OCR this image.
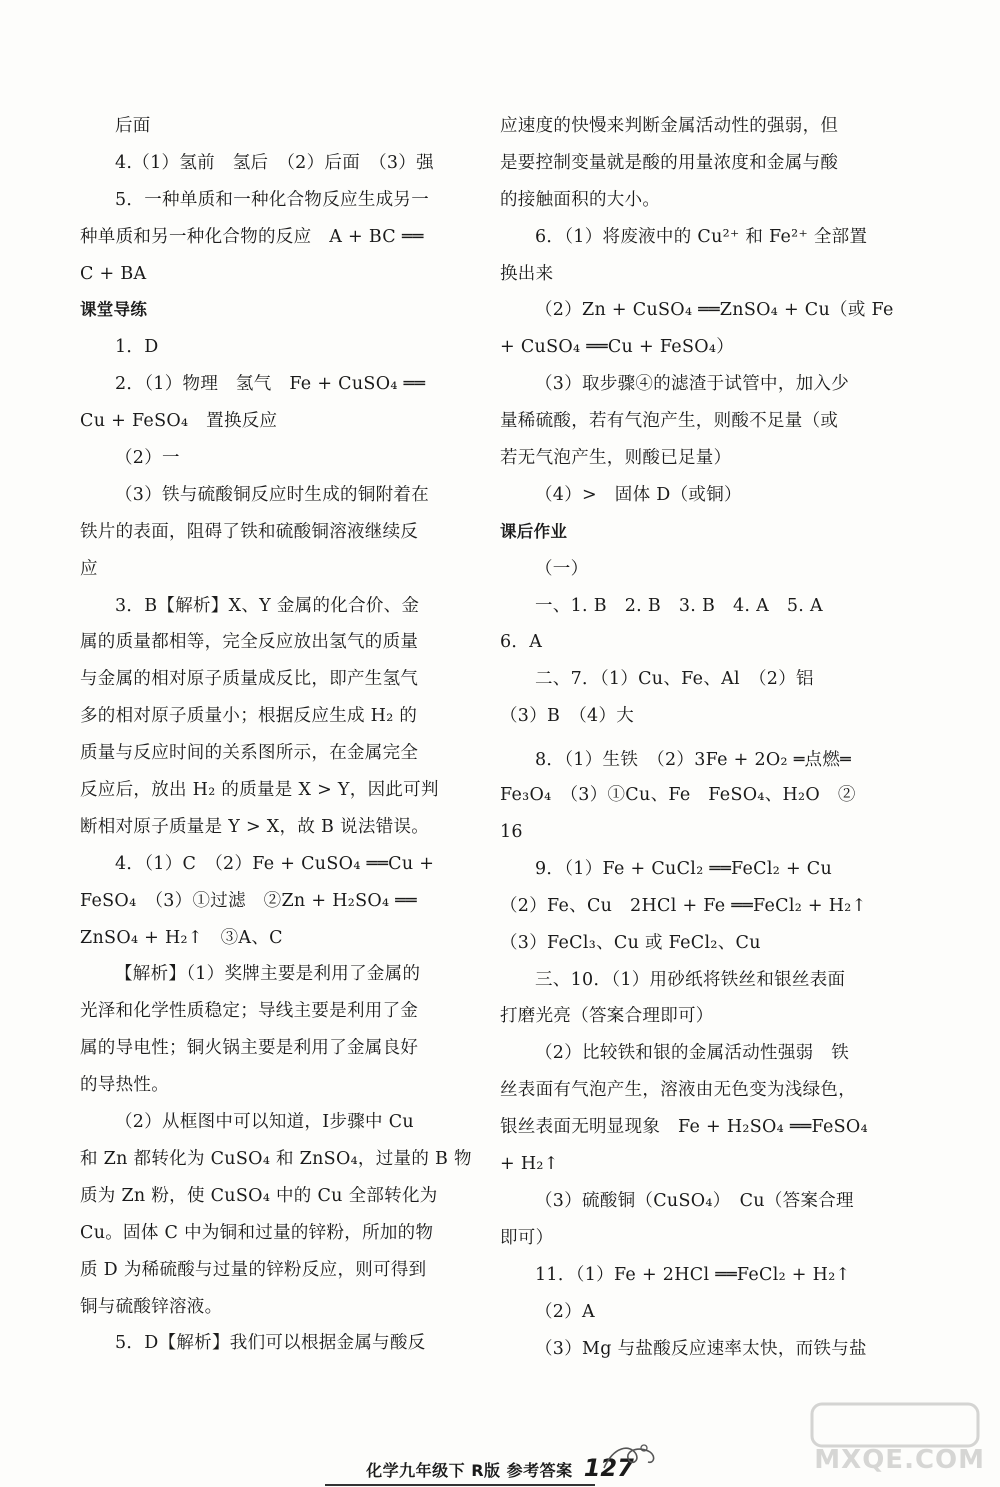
后面
4.（1）氢前　氢后　（2）后面　（3）强
5．一种单质和一种化合物反应生成另一
种单质和另一种化合物的反应　A + BC ══
C + BA
课堂导练
1．D
2．（1）物理　氢气　Fe + CuSO₄ ══
Cu + FeSO₄　置换反应
（2）一
（3）铁与硫酸铜反应时生成的铜附着在
铁片的表面，阻碍了铁和硫酸铜溶液继续反
应
3．B【解析】X、Y 金属的化合价、金
属的质量都相等，完全反应放出氢气的质量
与金属的相对原子质量成反比，即产生氢气
多的相对原子质量小；根据反应生成 H₂ 的
质量与反应时间的关系图所示，在金属完全
反应后，放出 H₂ 的质量是 X > Y，因此可判
断相对原子质量是 Y > X，故 B 说法错误。
4．（1）C　（2）Fe + CuSO₄ ══Cu +
FeSO₄　（3）①过滤　②Zn + H₂SO₄ ══
ZnSO₄ + H₂↑　③A、C
【解析】（1）奖牌主要是利用了金属的
光泽和化学性质稳定；导线主要是利用了金
属的导电性；铜火锅主要是利用了金属良好
的导热性。
（2）从框图中可以知道，Ⅰ步骤中 Cu
和 Zn 都转化为 CuSO₄ 和 ZnSO₄，过量的 B 物
质为 Zn 粉，使 CuSO₄ 中的 Cu 全部转化为
Cu。固体 C 中为铜和过量的锌粉，所加的物
质 D 为稀硫酸与过量的锌粉反应，则可得到
铜与硫酸锌溶液。
5．D【解析】我们可以根据金属与酸反
应速度的快慢来判断金属活动性的强弱，但
是要控制变量就是酸的用量浓度和金属与酸
的接触面积的大小。
6．（1）将废液中的 Cu²⁺ 和 Fe²⁺ 全部置
换出来
（2）Zn + CuSO₄ ══ZnSO₄ + Cu（或 Fe
+ CuSO₄ ══Cu + FeSO₄）
（3）取步骤④的滤渣于试管中，加入少
量稀硫酸，若有气泡产生，则酸不足量（或
若无气泡产生，则酸已足量）
（4）>　固体 D（或铜）
课后作业
（一）
一、1. B　2. B　3. B　4. A　5. A
6．A
二、7．（1）Cu、Fe、Al　（2）铝
（3）B　（4）大
8．（1）生铁　（2）3Fe + 2O₂ ═点燃═
Fe₃O₄　（3）①Cu、Fe　FeSO₄、H₂O　②
16
9．（1）Fe + CuCl₂ ══FeCl₂ + Cu
（2）Fe、Cu　2HCl + Fe ══FeCl₂ + H₂↑
（3）FeCl₃、Cu 或 FeCl₂、Cu
三、10．（1）用砂纸将铁丝和银丝表面
打磨光亮（答案合理即可）
（2）比较铁和银的金属活动性强弱　铁
丝表面有气泡产生，溶液由无色变为浅绿色，
银丝表面无明显现象　Fe + H₂SO₄ ══FeSO₄
+ H₂↑
（3）硫酸铜（CuSO₄）　Cu（答案合理
即可）
11．（1）Fe + 2HCl ══FeCl₂ + H₂↑
（2）A
（3）Mg 与盐酸反应速率太快，而铁与盐
化学九年级下 R版 参考答案 127	MXQE.COM
